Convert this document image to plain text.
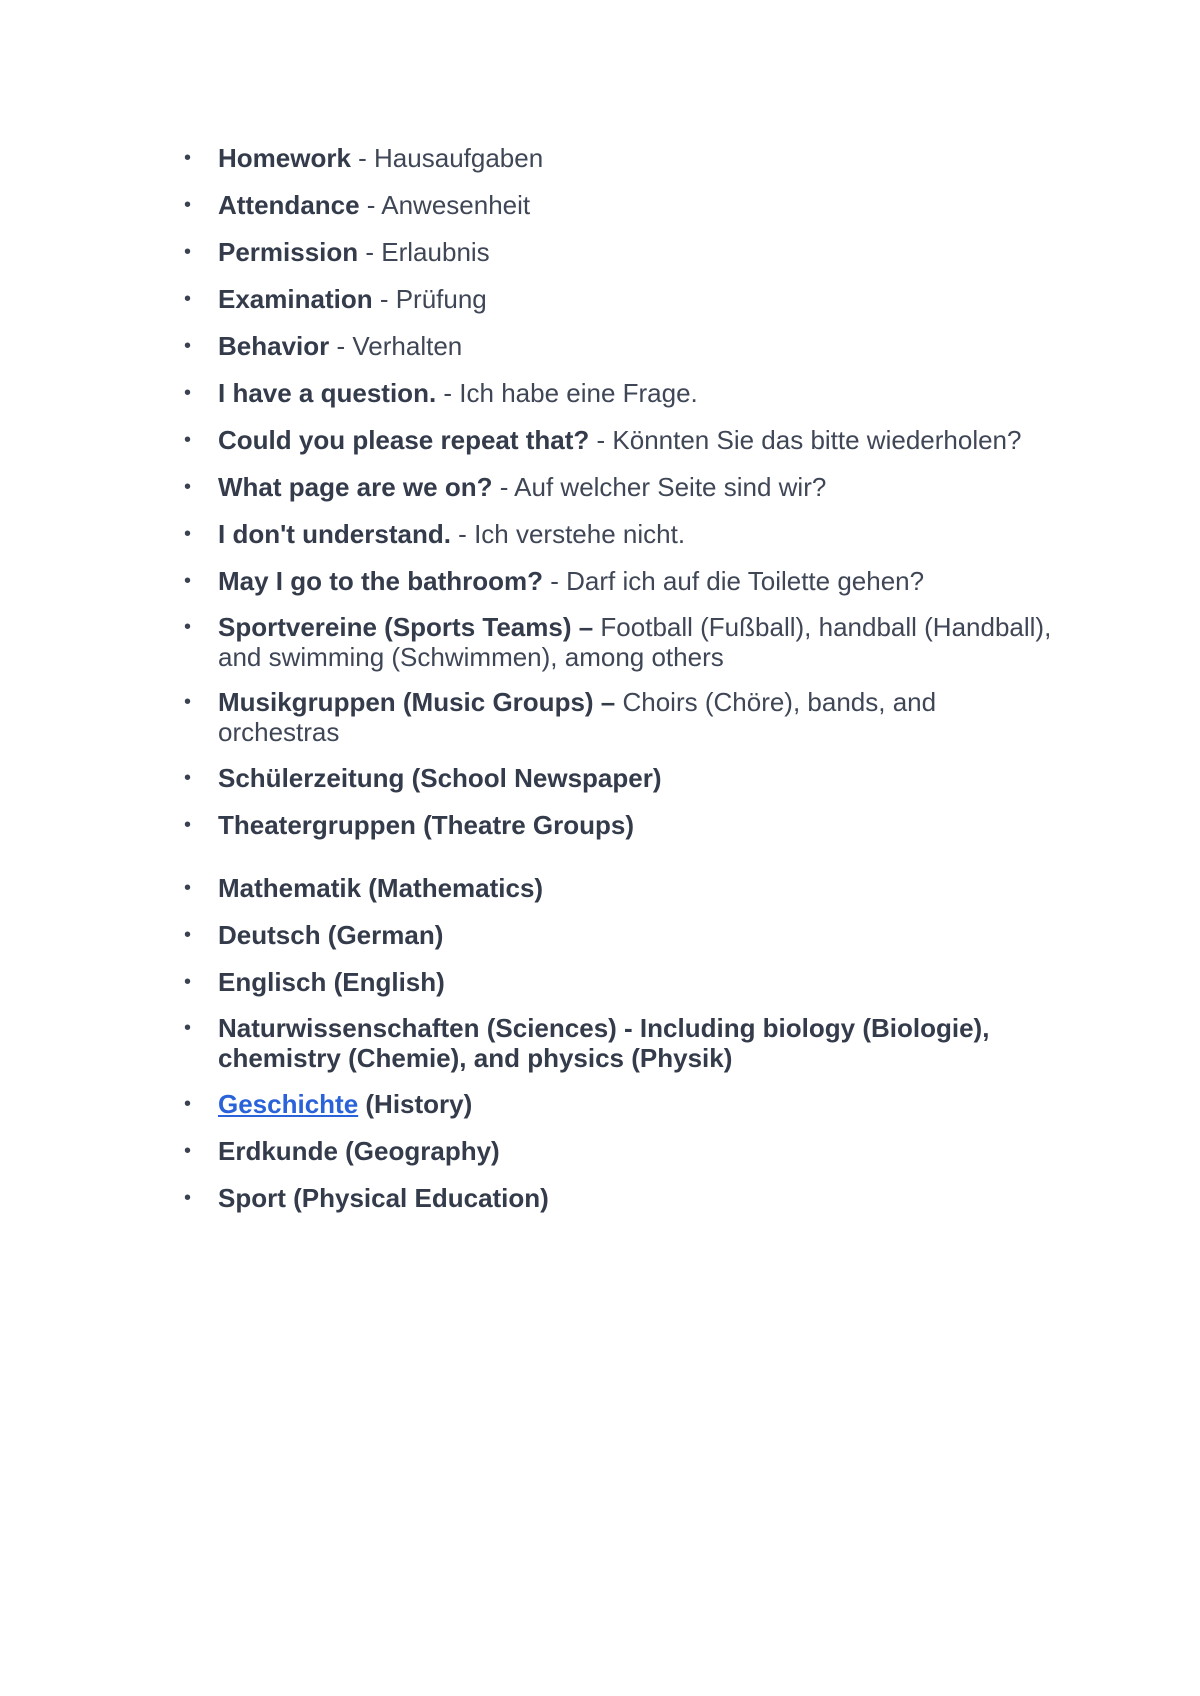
• Homework - Hausaufgaben
• Attendance - Anwesenheit
• Permission - Erlaubnis
• Examination - Prüfung
• Behavior - Verhalten
• I have a question. - Ich habe eine Frage.
• Could you please repeat that? - Könnten Sie das bitte wiederholen?
• What page are we on? - Auf welcher Seite sind wir?
• I don't understand. - Ich verstehe nicht.
• May I go to the bathroom? - Darf ich auf die Toilette gehen?
• Sportvereine (Sports Teams) – Football (Fußball), handball (Handball), and swimming (Schwimmen), among others
• Musikgruppen (Music Groups) – Choirs (Chöre), bands, and orchestras
• Schülerzeitung (School Newspaper)
• Theatergruppen (Theatre Groups)
• Mathematik (Mathematics)
• Deutsch (German)
• Englisch (English)
• Naturwissenschaften (Sciences) - Including biology (Biologie), chemistry (Chemie), and physics (Physik)
• Geschichte (History)
• Erdkunde (Geography)
• Sport (Physical Education)
